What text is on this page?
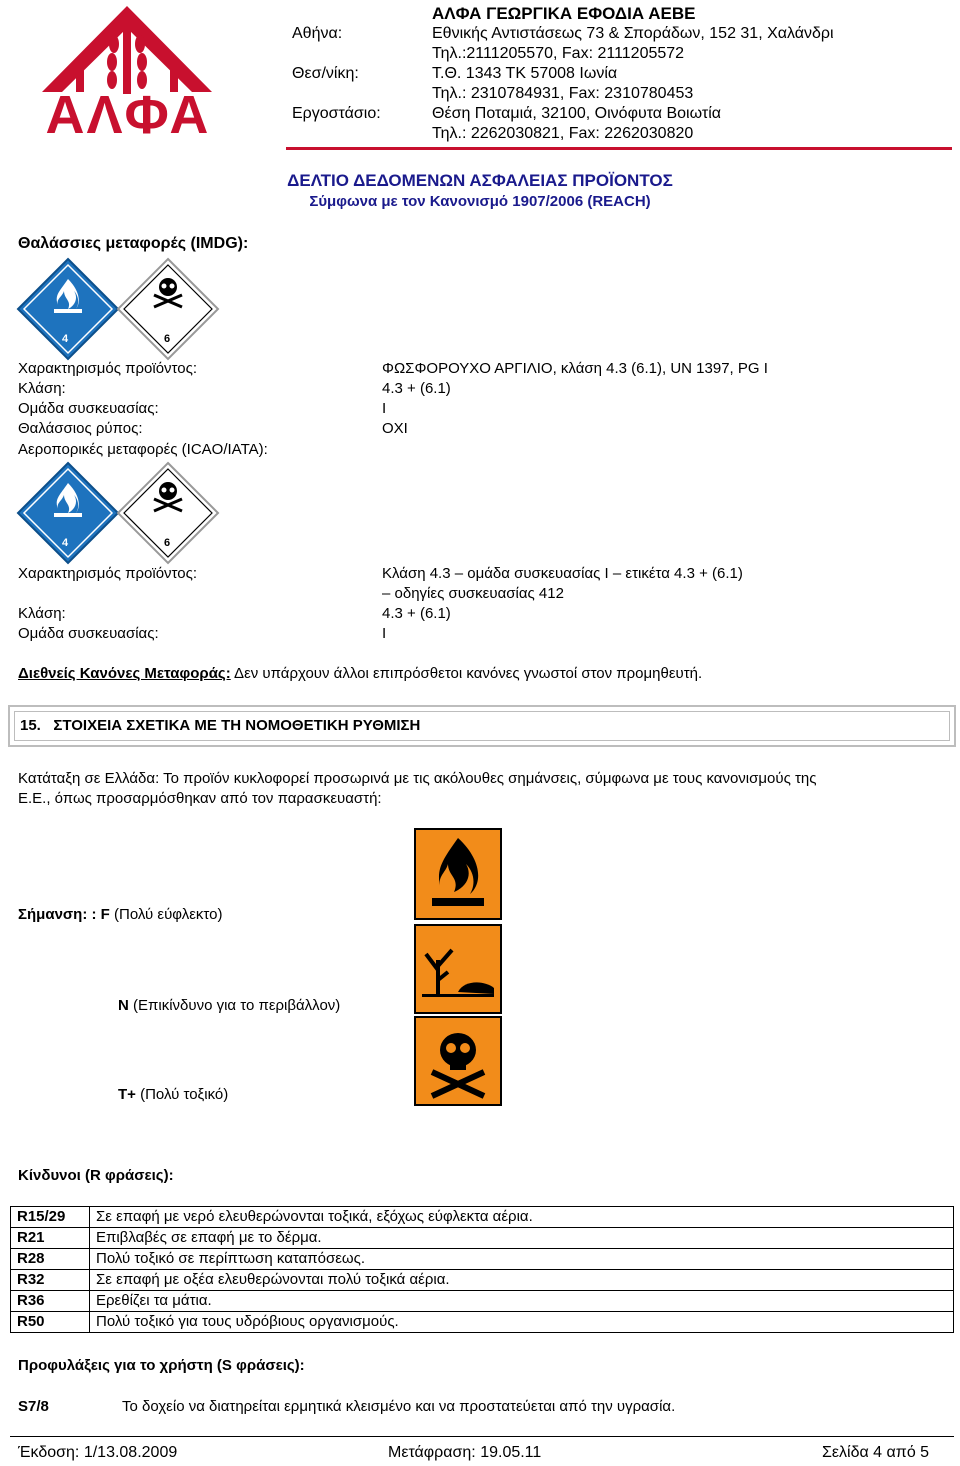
ΑΛΦΑ
ΑΛΦΑ ΓΕΩΡΓΙΚΑ ΕΦΟΔΙΑ ΑΕΒΕ
Αθήνα:	Εθνικής Αντιστάσεως 73 & Σποράδων, 152 31, Χαλάνδρι
Τηλ.:2111205570, Fax: 2111205572
Θεσ/νίκη:	Τ.Θ. 1343 ΤΚ 57008 Ιωνία
Τηλ.: 2310784931, Fax: 2310780453
Εργοστάσιο:	Θέση Ποταμιά, 32100, Οινόφυτα Βοιωτία
Τηλ.: 2262030821, Fax: 2262030820
ΔΕΛΤΙΟ ΔΕΔΟΜΕΝΩΝ ΑΣΦΑΛΕΙΑΣ ΠΡΟΪΟΝΤΟΣ
Σύμφωνα με τον Κανονισμό 1907/2006 (REACH)
Θαλάσσιες μεταφορές (IMDG):
4	6
Χαρακτηρισμός προϊόντος:	ΦΩΣΦΟΡΟΥΧΟ ΑΡΓΙΛΙΟ, κλάση 4.3 (6.1), UN 1397, PG I
Κλάση:	4.3 + (6.1)
Ομάδα συσκευασίας:	I
Θαλάσσιος ρύπος:	ΟΧΙ
Αεροπορικές μεταφορές (ICAO/IATA):
4	6
Χαρακτηρισμός προϊόντος:	Κλάση 4.3 – ομάδα συσκευασίας I – ετικέτα 4.3 + (6.1)
– οδηγίες συσκευασίας 412
Κλάση:	4.3 + (6.1)
Ομάδα συσκευασίας:	I
Διεθνείς Κανόνες Μεταφοράς: Δεν υπάρχουν άλλοι επιπρόσθετοι κανόνες γνωστοί στον προμηθευτή.
15.   ΣΤΟΙΧΕΙΑ ΣΧΕΤΙΚΑ ΜΕ ΤΗ ΝΟΜΟΘΕΤΙΚΗ ΡΥΘΜΙΣΗ
Κατάταξη σε Ελλάδα: Το προϊόν κυκλοφορεί προσωρινά με τις ακόλουθες σημάνσεις, σύμφωνα με τους κανονισμούς της
Ε.Ε., όπως προσαρμόσθηκαν από τον παρασκευαστή:
Σήμανση: : F (Πολύ εύφλεκτο)
N (Επικίνδυνο για το περιβάλλον)
T+ (Πολύ τοξικό)
Κίνδυνοι (R φράσεις):
R15/29	Σε επαφή με νερό ελευθερώνονται τοξικά, εξόχως εύφλεκτα αέρια.
R21	Επιβλαβές σε επαφή με το δέρμα.
R28	Πολύ τοξικό σε περίπτωση καταπόσεως.
R32	Σε επαφή με οξέα ελευθερώνονται πολύ τοξικά αέρια.
R36	Ερεθίζει τα μάτια.
R50	Πολύ τοξικό για τους υδρόβιους οργανισμούς.
Προφυλάξεις για το χρήστη (S φράσεις):
S7/8	Το δοχείο να διατηρείται ερμητικά κλεισμένο και να προστατεύεται από την υγρασία.
Έκδοση: 1/13.08.2009	Μετάφραση: 19.05.11	Σελίδα 4 από 5
